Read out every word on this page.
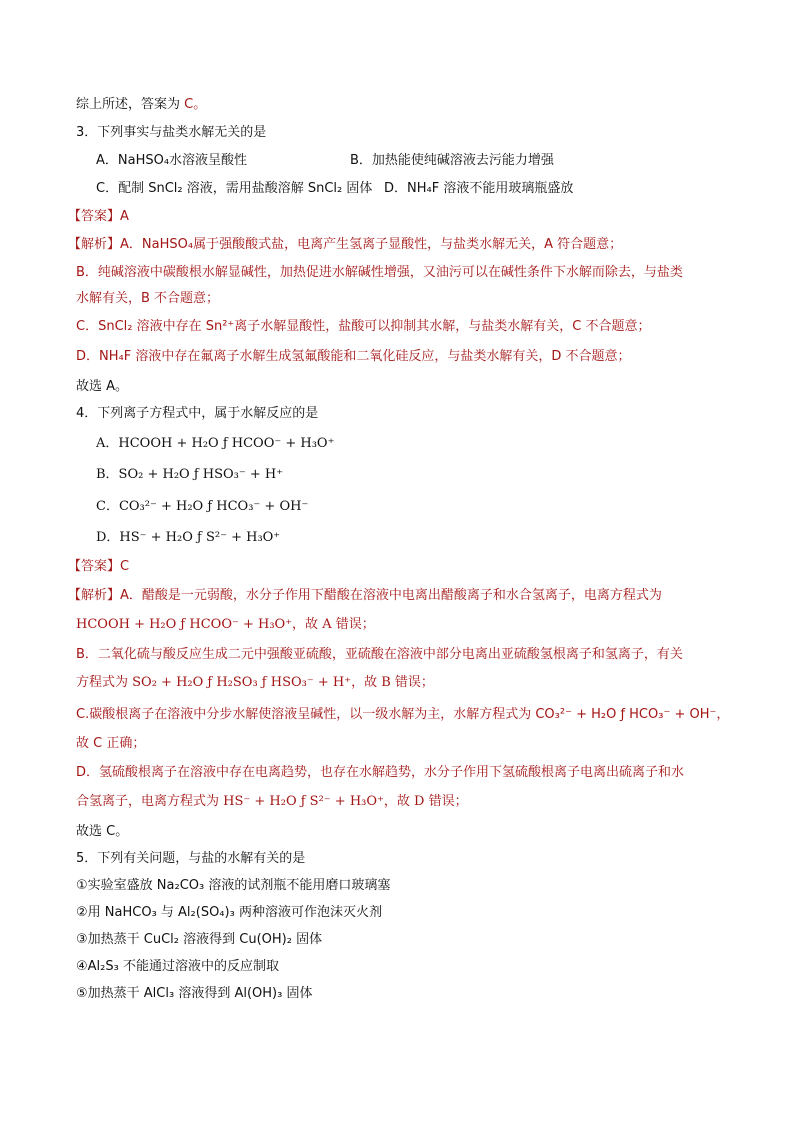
综上所述，答案为 C。
3．下列事实与盐类水解无关的是
A．NaHSO₄水溶液呈酸性	B．加热能使纯碱溶液去污能力增强
C．配制 SnCl₂ 溶液，需用盐酸溶解 SnCl₂ 固体 D．NH₄F 溶液不能用玻璃瓶盛放
【答案】A
【解析】A．NaHSO₄属于强酸酸式盐，电离产生氢离子显酸性，与盐类水解无关，A 符合题意；
B．纯碱溶液中碳酸根水解显碱性，加热促进水解碱性增强，又油污可以在碱性条件下水解而除去，与盐类
水解有关，B 不合题意；
C．SnCl₂ 溶液中存在 Sn²⁺离子水解显酸性，盐酸可以抑制其水解，与盐类水解有关，C 不合题意；
D．NH₄F 溶液中存在氟离子水解生成氢氟酸能和二氧化硅反应，与盐类水解有关，D 不合题意；
故选 A。
4．下列离子方程式中，属于水解反应的是
A．HCOOH + H₂O ƒ HCOO⁻ + H₃O⁺
B．SO₂ + H₂O ƒ HSO₃⁻ + H⁺
C．CO₃²⁻ + H₂O ƒ HCO₃⁻ + OH⁻
D．HS⁻ + H₂O ƒ S²⁻ + H₃O⁺
【答案】C
【解析】A．醋酸是一元弱酸，水分子作用下醋酸在溶液中电离出醋酸离子和水合氢离子，电离方程式为
HCOOH + H₂O ƒ HCOO⁻ + H₃O⁺，故 A 错误；
B．二氧化硫与酸反应生成二元中强酸亚硫酸，亚硫酸在溶液中部分电离出亚硫酸氢根离子和氢离子，有关
方程式为 SO₂ + H₂O ƒ H₂SO₃ ƒ HSO₃⁻ + H⁺，故 B 错误；
C.碳酸根离子在溶液中分步水解使溶液呈碱性，以一级水解为主，水解方程式为 CO₃²⁻ + H₂O ƒ HCO₃⁻ + OH⁻，
故 C 正确；
D．氢硫酸根离子在溶液中存在电离趋势，也存在水解趋势，水分子作用下氢硫酸根离子电离出硫离子和水
合氢离子，电离方程式为 HS⁻ + H₂O ƒ S²⁻ + H₃O⁺，故 D 错误；
故选 C。
5．下列有关问题，与盐的水解有关的是
①实验室盛放 Na₂CO₃ 溶液的试剂瓶不能用磨口玻璃塞
②用 NaHCO₃ 与 Al₂(SO₄)₃ 两种溶液可作泡沫灭火剂
③加热蒸干 CuCl₂ 溶液得到 Cu(OH)₂ 固体
④Al₂S₃ 不能通过溶液中的反应制取
⑤加热蒸干 AlCl₃ 溶液得到 Al(OH)₃ 固体
